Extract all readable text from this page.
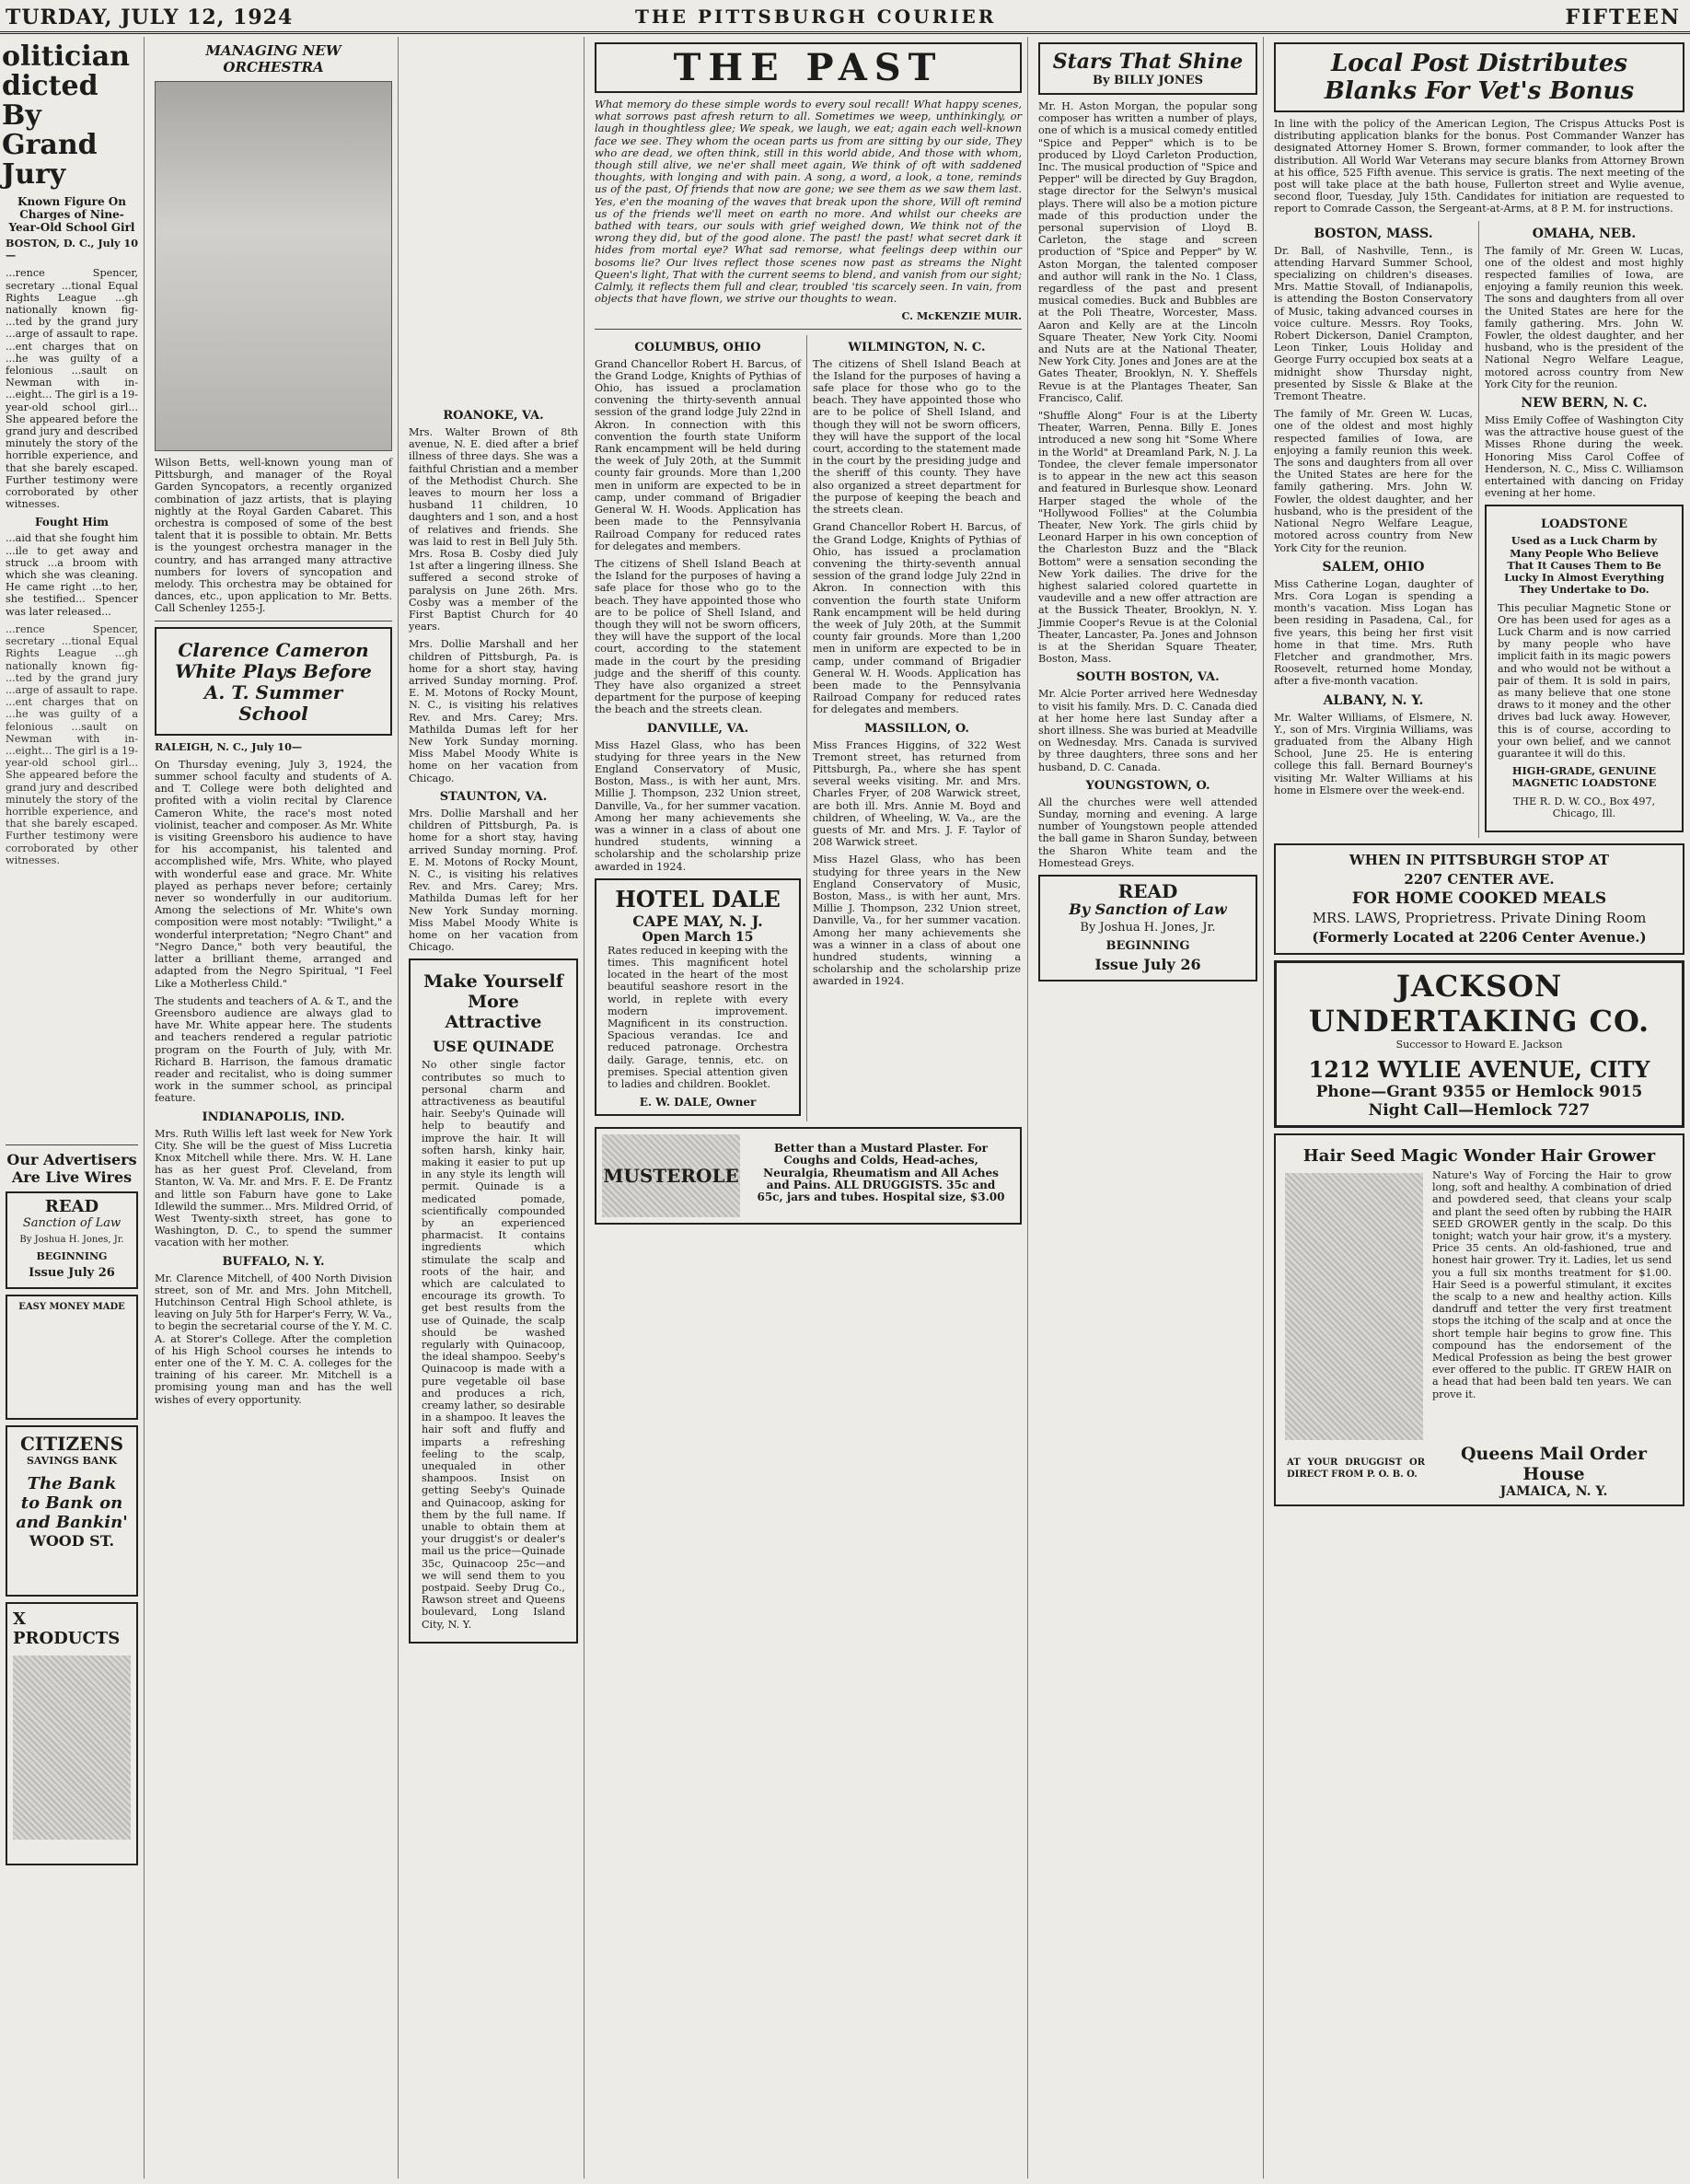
TURDAY, JULY 12, 1924	THE PITTSBURGH COURIER	FIFTEEN
olitician dicted By Grand Jury
Known Figure On Charges of Nine-Year-Old School Girl
BOSTON, D. C., July 10—
...rence Spencer, secretary ...tional Equal Rights League ...gh nationally known fig- ...ted by the grand jury ...arge of assault to rape. ...ent charges that on ...he was guilty of a felonious ...sault on Newman with in- ...eight... The girl is a 19-year-old school girl... She appeared before the grand jury and described minutely the story of the horrible experience, and that she barely escaped. Further testimony were corroborated by other witnesses.
Fought Him
...aid that she fought him ...ile to get away and struck ...a broom with which she was cleaning. He came right ...to her, she testified... Spencer was later released...
...rence Spencer, secretary ...tional Equal Rights League ...gh nationally known fig- ...ted by the grand jury ...arge of assault to rape. ...ent charges that on ...he was guilty of a felonious ...sault on Newman with in- ...eight... The girl is a 19-year-old school girl... She appeared before the grand jury and described minutely the story of the horrible experience, and that she barely escaped. Further testimony were corroborated by other witnesses.
Our Advertisers Are Live Wires
READ
Sanction of Law
By Joshua H. Jones, Jr.
BEGINNING
Issue July 26
EASY MONEY MADE
CITIZENS
SAVINGS BANK
The Bank
to Bank on
and Bankin'
WOOD ST.
X PRODUCTS
MANAGING NEW ORCHESTRA
Wilson Betts, well-known young man of Pittsburgh, and manager of the Royal Garden Syncopators, a recently organized combination of jazz artists, that is playing nightly at the Royal Garden Cabaret. This orchestra is composed of some of the best talent that it is possible to obtain. Mr. Betts is the youngest orchestra manager in the country, and has arranged many attractive numbers for lovers of syncopation and melody. This orchestra may be obtained for dances, etc., upon application to Mr. Betts. Call Schenley 1255-J.
Clarence Cameron White Plays Before A. T. Summer School
RALEIGH, N. C., July 10—
On Thursday evening, July 3, 1924, the summer school faculty and students of A. and T. College were both delighted and profited with a violin recital by Clarence Cameron White, the race's most noted violinist, teacher and composer. As Mr. White is visiting Greensboro his audience to have for his accompanist, his talented and accomplished wife, Mrs. White, who played with wonderful ease and grace. Mr. White played as perhaps never before; certainly never so wonderfully in our auditorium. Among the selections of Mr. White's own composition were most notably: "Twilight," a wonderful interpretation; "Negro Chant" and "Negro Dance," both very beautiful, the latter a brilliant theme, arranged and adapted from the Negro Spiritual, "I Feel Like a Motherless Child."
The students and teachers of A. & T., and the Greensboro audience are always glad to have Mr. White appear here. The students and teachers rendered a regular patriotic program on the Fourth of July, with Mr. Richard B. Harrison, the famous dramatic reader and recitalist, who is doing summer work in the summer school, as principal feature.
INDIANAPOLIS, IND.
Mrs. Ruth Willis left last week for New York City. She will be the guest of Miss Lucretia Knox Mitchell while there. Mrs. W. H. Lane has as her guest Prof. Cleveland, from Stanton, W. Va. Mr. and Mrs. F. E. De Frantz and little son Faburn have gone to Lake Idlewild the summer... Mrs. Mildred Orrid, of West Twenty-sixth street, has gone to Washington, D. C., to spend the summer vacation with her mother.
BUFFALO, N. Y.
Mr. Clarence Mitchell, of 400 North Division street, son of Mr. and Mrs. John Mitchell, Hutchinson Central High School athlete, is leaving on July 5th for Harper's Ferry, W. Va., to begin the secretarial course of the Y. M. C. A. at Storer's College. After the completion of his High School courses he intends to enter one of the Y. M. C. A. colleges for the training of his career. Mr. Mitchell is a promising young man and has the well wishes of every opportunity.
ROANOKE, VA.
Mrs. Walter Brown of 8th avenue, N. E. died after a brief illness of three days. She was a faithful Christian and a member of the Methodist Church. She leaves to mourn her loss a husband 11 children, 10 daughters and 1 son, and a host of relatives and friends. She was laid to rest in Bell July 5th. Mrs. Rosa B. Cosby died July 1st after a lingering illness. She suffered a second stroke of paralysis on June 26th. Mrs. Cosby was a member of the First Baptist Church for 40 years.
Mrs. Dollie Marshall and her children of Pittsburgh, Pa. is home for a short stay, having arrived Sunday morning. Prof. E. M. Motons of Rocky Mount, N. C., is visiting his relatives Rev. and Mrs. Carey; Mrs. Mathilda Dumas left for her New York Sunday morning. Miss Mabel Moody White is home on her vacation from Chicago.
STAUNTON, VA.
Mrs. Dollie Marshall and her children of Pittsburgh, Pa. is home for a short stay, having arrived Sunday morning. Prof. E. M. Motons of Rocky Mount, N. C., is visiting his relatives Rev. and Mrs. Carey; Mrs. Mathilda Dumas left for her New York Sunday morning. Miss Mabel Moody White is home on her vacation from Chicago.
Make Yourself More Attractive
USE QUINADE
No other single factor contributes so much to personal charm and attractiveness as beautiful hair. Seeby's Quinade will help to beautify and improve the hair. It will soften harsh, kinky hair, making it easier to put up in any style its length will permit. Quinade is a medicated pomade, scientifically compounded by an experienced pharmacist. It contains ingredients which stimulate the scalp and roots of the hair, and which are calculated to encourage its growth. To get best results from the use of Quinade, the scalp should be washed regularly with Quinacoop, the ideal shampoo. Seeby's Quinacoop is made with a pure vegetable oil base and produces a rich, creamy lather, so desirable in a shampoo. It leaves the hair soft and fluffy and imparts a refreshing feeling to the scalp, unequaled in other shampoos. Insist on getting Seeby's Quinade and Quinacoop, asking for them by the full name. If unable to obtain them at your druggist's or dealer's mail us the price—Quinade 35c, Quinacoop 25c—and we will send them to you postpaid. Seeby Drug Co., Rawson street and Queens boulevard, Long Island City, N. Y.
THE PAST
What memory do these simple words to every soul recall! What happy scenes, what sorrows past afresh return to all. Sometimes we weep, unthinkingly, or laugh in thoughtless glee; We speak, we laugh, we eat; again each well-known face we see. They whom the ocean parts us from are sitting by our side, They who are dead, we often think, still in this world abide, And those with whom, though still alive, we ne'er shall meet again, We think of oft with saddened thoughts, with longing and with pain. A song, a word, a look, a tone, reminds us of the past, Of friends that now are gone; we see them as we saw them last. Yes, e'en the moaning of the waves that break upon the shore, Will oft remind us of the friends we'll meet on earth no more. And whilst our cheeks are bathed with tears, our souls with grief weighed down, We think not of the wrong they did, but of the good alone. The past! the past! what secret dark it hides from mortal eye? What sad remorse, what feelings deep within our bosoms lie? Our lives reflect those scenes now past as streams the Night Queen's light, That with the current seems to blend, and vanish from our sight; Calmly, it reflects them full and clear, troubled 'tis scarcely seen. In vain, from objects that have flown, we strive our thoughts to wean.
C. McKENZIE MUIR.
COLUMBUS, OHIO
Grand Chancellor Robert H. Barcus, of the Grand Lodge, Knights of Pythias of Ohio, has issued a proclamation convening the thirty-seventh annual session of the grand lodge July 22nd in Akron. In connection with this convention the fourth state Uniform Rank encampment will be held during the week of July 20th, at the Summit county fair grounds. More than 1,200 men in uniform are expected to be in camp, under command of Brigadier General W. H. Woods. Application has been made to the Pennsylvania Railroad Company for reduced rates for delegates and members.
The citizens of Shell Island Beach at the Island for the purposes of having a safe place for those who go to the beach. They have appointed those who are to be police of Shell Island, and though they will not be sworn officers, they will have the support of the local court, according to the statement made in the court by the presiding judge and the sheriff of this county. They have also organized a street department for the purpose of keeping the beach and the streets clean.
DANVILLE, VA.
Miss Hazel Glass, who has been studying for three years in the New England Conservatory of Music, Boston, Mass., is with her aunt, Mrs. Millie J. Thompson, 232 Union street, Danville, Va., for her summer vacation. Among her many achievements she was a winner in a class of about one hundred students, winning a scholarship and the scholarship prize awarded in 1924.
HOTEL DALE
CAPE MAY, N. J.
Open March 15
Rates reduced in keeping with the times. This magnificent hotel located in the heart of the most beautiful seashore resort in the world, in replete with every modern improvement. Magnificent in its construction. Spacious verandas. Ice and reduced patronage. Orchestra daily. Garage, tennis, etc. on premises. Special attention given to ladies and children. Booklet.
E. W. DALE, Owner
WILMINGTON, N. C.
The citizens of Shell Island Beach at the Island for the purposes of having a safe place for those who go to the beach. They have appointed those who are to be police of Shell Island, and though they will not be sworn officers, they will have the support of the local court, according to the statement made in the court by the presiding judge and the sheriff of this county. They have also organized a street department for the purpose of keeping the beach and the streets clean.
Grand Chancellor Robert H. Barcus, of the Grand Lodge, Knights of Pythias of Ohio, has issued a proclamation convening the thirty-seventh annual session of the grand lodge July 22nd in Akron. In connection with this convention the fourth state Uniform Rank encampment will be held during the week of July 20th, at the Summit county fair grounds. More than 1,200 men in uniform are expected to be in camp, under command of Brigadier General W. H. Woods. Application has been made to the Pennsylvania Railroad Company for reduced rates for delegates and members.
MASSILLON, O.
Miss Frances Higgins, of 322 West Tremont street, has returned from Pittsburgh, Pa., where she has spent several weeks visiting. Mr. and Mrs. Charles Fryer, of 208 Warwick street, are both ill. Mrs. Annie M. Boyd and children, of Wheeling, W. Va., are the guests of Mr. and Mrs. J. F. Taylor of 208 Warwick street.
Miss Hazel Glass, who has been studying for three years in the New England Conservatory of Music, Boston, Mass., is with her aunt, Mrs. Millie J. Thompson, 232 Union street, Danville, Va., for her summer vacation. Among her many achievements she was a winner in a class of about one hundred students, winning a scholarship and the scholarship prize awarded in 1924.
MUSTEROLE
Better than a Mustard Plaster. For Coughs and Colds, Head-aches, Neuralgia, Rheumatism and All Aches and Pains. ALL DRUGGISTS. 35c and 65c, jars and tubes. Hospital size, $3.00
Stars That Shine
By BILLY JONES
Mr. H. Aston Morgan, the popular song composer has written a number of plays, one of which is a musical comedy entitled "Spice and Pepper" which is to be produced by Lloyd Carleton Production, Inc. The musical production of "Spice and Pepper" will be directed by Guy Bragdon, stage director for the Selwyn's musical plays. There will also be a motion picture made of this production under the personal supervision of Lloyd B. Carleton, the stage and screen production of "Spice and Pepper" by W. Aston Morgan, the talented composer and author will rank in the No. 1 Class, regardless of the past and present musical comedies. Buck and Bubbles are at the Poli Theatre, Worcester, Mass. Aaron and Kelly are at the Lincoln Square Theater, New York City. Noomi and Nuts are at the National Theater, New York City. Jones and Jones are at the Gates Theater, Brooklyn, N. Y. Sheffels Revue is at the Plantages Theater, San Francisco, Calif.
"Shuffle Along" Four is at the Liberty Theater, Warren, Penna. Billy E. Jones introduced a new song hit "Some Where in the World" at Dreamland Park, N. J. La Tondee, the clever female impersonator is to appear in the new act this season and featured in Burlesque show. Leonard Harper staged the whole of the "Hollywood Follies" at the Columbia Theater, New York. The girls chiid by Leonard Harper in his own conception of the Charleston Buzz and the "Black Bottom" were a sensation seconding the New York dailies. The drive for the highest salaried colored quartette in vaudeville and a new offer attraction are at the Bussick Theater, Brooklyn, N. Y. Jimmie Cooper's Revue is at the Colonial Theater, Lancaster, Pa. Jones and Johnson is at the Sheridan Square Theater, Boston, Mass.
SOUTH BOSTON, VA.
Mr. Alcie Porter arrived here Wednesday to visit his family. Mrs. D. C. Canada died at her home here last Sunday after a short illness. She was buried at Meadville on Wednesday. Mrs. Canada is survived by three daughters, three sons and her husband, D. C. Canada.
YOUNGSTOWN, O.
All the churches were well attended Sunday, morning and evening. A large number of Youngstown people attended the ball game in Sharon Sunday, between the Sharon White team and the Homestead Greys.
READ
By Sanction of Law
By Joshua H. Jones, Jr.
BEGINNING
Issue July 26
Local Post Distributes Blanks For Vet's Bonus
In line with the policy of the American Legion, The Crispus Attucks Post is distributing application blanks for the bonus. Post Commander Wanzer has designated Attorney Homer S. Brown, former commander, to look after the distribution. All World War Veterans may secure blanks from Attorney Brown at his office, 525 Fifth avenue. This service is gratis. The next meeting of the post will take place at the bath house, Fullerton street and Wylie avenue, second floor, Tuesday, July 15th. Candidates for initiation are requested to report to Comrade Casson, the Sergeant-at-Arms, at 8 P. M. for instructions.
BOSTON, MASS.
Dr. Ball, of Nashville, Tenn., is attending Harvard Summer School, specializing on children's diseases. Mrs. Mattie Stovall, of Indianapolis, is attending the Boston Conservatory of Music, taking advanced courses in voice culture. Messrs. Roy Tooks, Robert Dickerson, Daniel Crampton, Leon Tinker, Louis Holiday and George Furry occupied box seats at a midnight show Thursday night, presented by Sissle & Blake at the Tremont Theatre.
The family of Mr. Green W. Lucas, one of the oldest and most highly respected families of Iowa, are enjoying a family reunion this week. The sons and daughters from all over the United States are here for the family gathering. Mrs. John W. Fowler, the oldest daughter, and her husband, who is the president of the National Negro Welfare League, motored across country from New York City for the reunion.
SALEM, OHIO
Miss Catherine Logan, daughter of Mrs. Cora Logan is spending a month's vacation. Miss Logan has been residing in Pasadena, Cal., for five years, this being her first visit home in that time. Mrs. Ruth Fletcher and grandmother, Mrs. Roosevelt, returned home Monday, after a five-month vacation.
ALBANY, N. Y.
Mr. Walter Williams, of Elsmere, N. Y., son of Mrs. Virginia Williams, was graduated from the Albany High School, June 25. He is entering college this fall. Bernard Bourney's visiting Mr. Walter Williams at his home in Elsmere over the week-end.
OMAHA, NEB.
The family of Mr. Green W. Lucas, one of the oldest and most highly respected families of Iowa, are enjoying a family reunion this week. The sons and daughters from all over the United States are here for the family gathering. Mrs. John W. Fowler, the oldest daughter, and her husband, who is the president of the National Negro Welfare League, motored across country from New York City for the reunion.
NEW BERN, N. C.
Miss Emily Coffee of Washington City was the attractive house guest of the Misses Rhone during the week. Honoring Miss Carol Coffee of Henderson, N. C., Miss C. Williamson entertained with dancing on Friday evening at her home.
LOADSTONE
Used as a Luck Charm by Many People Who Believe That It Causes Them to Be Lucky In Almost Everything They Undertake to Do.
This peculiar Magnetic Stone or Ore has been used for ages as a Luck Charm and is now carried by many people who have implicit faith in its magic powers and who would not be without a pair of them. It is sold in pairs, as many believe that one stone draws to it money and the other drives bad luck away. However, this is of course, according to your own belief, and we cannot guarantee it will do this.
HIGH-GRADE, GENUINE MAGNETIC LOADSTONE
THE R. D. W. CO., Box 497, Chicago, Ill.
WHEN IN PITTSBURGH STOP AT
2207 CENTER AVE.
FOR HOME COOKED MEALS
MRS. LAWS, Proprietress. Private Dining Room
(Formerly Located at 2206 Center Avenue.)
JACKSON UNDERTAKING CO.
Successor to Howard E. Jackson
1212 WYLIE AVENUE, CITY
Phone—Grant 9355 or Hemlock 9015
Night Call—Hemlock 727
Hair Seed Magic Wonder Hair Grower
Nature's Way of Forcing the Hair to grow long, soft and healthy. A combination of dried and powdered seed, that cleans your scalp and plant the seed often by rubbing the HAIR SEED GROWER gently in the scalp. Do this tonight; watch your hair grow, it's a mystery. Price 35 cents. An old-fashioned, true and honest hair grower. Try it. Ladies, let us send you a full six months treatment for $1.00. Hair Seed is a powerful stimulant, it excites the scalp to a new and healthy action. Kills dandruff and tetter the very first treatment stops the itching of the scalp and at once the short temple hair begins to grow fine. This compound has the endorsement of the Medical Profession as being the best grower ever offered to the public. IT GREW HAIR on a head that had been bald ten years. We can prove it.
AT YOUR DRUGGIST OR DIRECT FROM P. O. B. O.
Queens Mail Order House
JAMAICA, N. Y.
